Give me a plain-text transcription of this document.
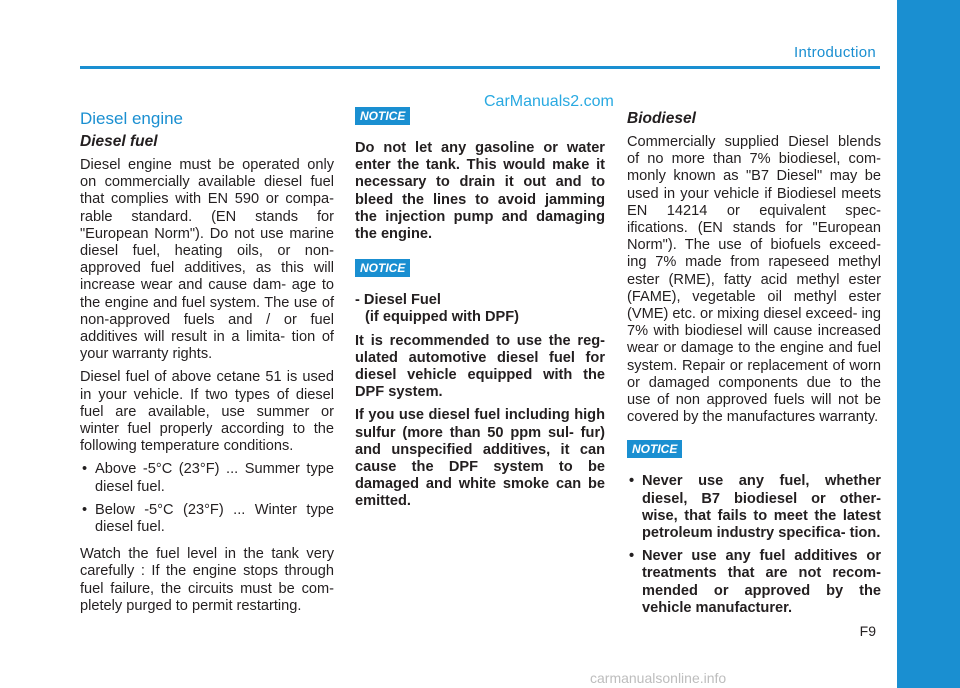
Introduction
CarManuals2.com
Diesel engine
Diesel fuel

Diesel engine must be operated only on commercially available diesel fuel that complies with EN 590 or compa- rable standard. (EN stands for "European Norm"). Do not use marine diesel fuel, heating oils, or non-approved fuel additives, as this will increase wear and cause dam- age to the engine and fuel system. The use of non-approved fuels and / or fuel additives will result in a limita- tion of your warranty rights.

Diesel fuel of above cetane 51 is used in your vehicle. If two types of diesel fuel are available, use summer or winter fuel properly according to the following temperature conditions.

• Above -5°C (23°F) ... Summer type diesel fuel.
• Below -5°C (23°F) ... Winter type diesel fuel.

Watch the fuel level in the tank very carefully : If the engine stops through fuel failure, the circuits must be com- pletely purged to permit restarting.

NOTICE

Do not let any gasoline or water enter the tank. This would make it necessary to drain it out and to bleed the lines to avoid jamming the injection pump and damaging the engine.

NOTICE

- Diesel Fuel

(if equipped with DPF)

It is recommended to use the reg- ulated automotive diesel fuel for diesel vehicle equipped with the DPF system.

If you use diesel fuel including high sulfur (more than 50 ppm sul- fur) and unspecified additives, it can cause the DPF system to be damaged and white smoke can be emitted.

Biodiesel

Commercially supplied Diesel blends of no more than 7% biodiesel, com- monly known as "B7 Diesel" may be used in your vehicle if Biodiesel meets EN 14214 or equivalent spec- ifications. (EN stands for "European Norm"). The use of biofuels exceed- ing 7% made from rapeseed methyl ester (RME), fatty acid methyl ester (FAME), vegetable oil methyl ester (VME) etc. or mixing diesel exceed- ing 7% with biodiesel will cause increased wear or damage to the engine and fuel system. Repair or replacement of worn or damaged components due to the use of non approved fuels will not be covered by the manufactures warranty.

NOTICE
• Never use any fuel, whether diesel, B7 biodiesel or other- wise, that fails to meet the latest petroleum industry specifica- tion.
• Never use any fuel additives or treatments that are not recom- mended or approved by the vehicle manufacturer.
F9
carmanualsonline.info
